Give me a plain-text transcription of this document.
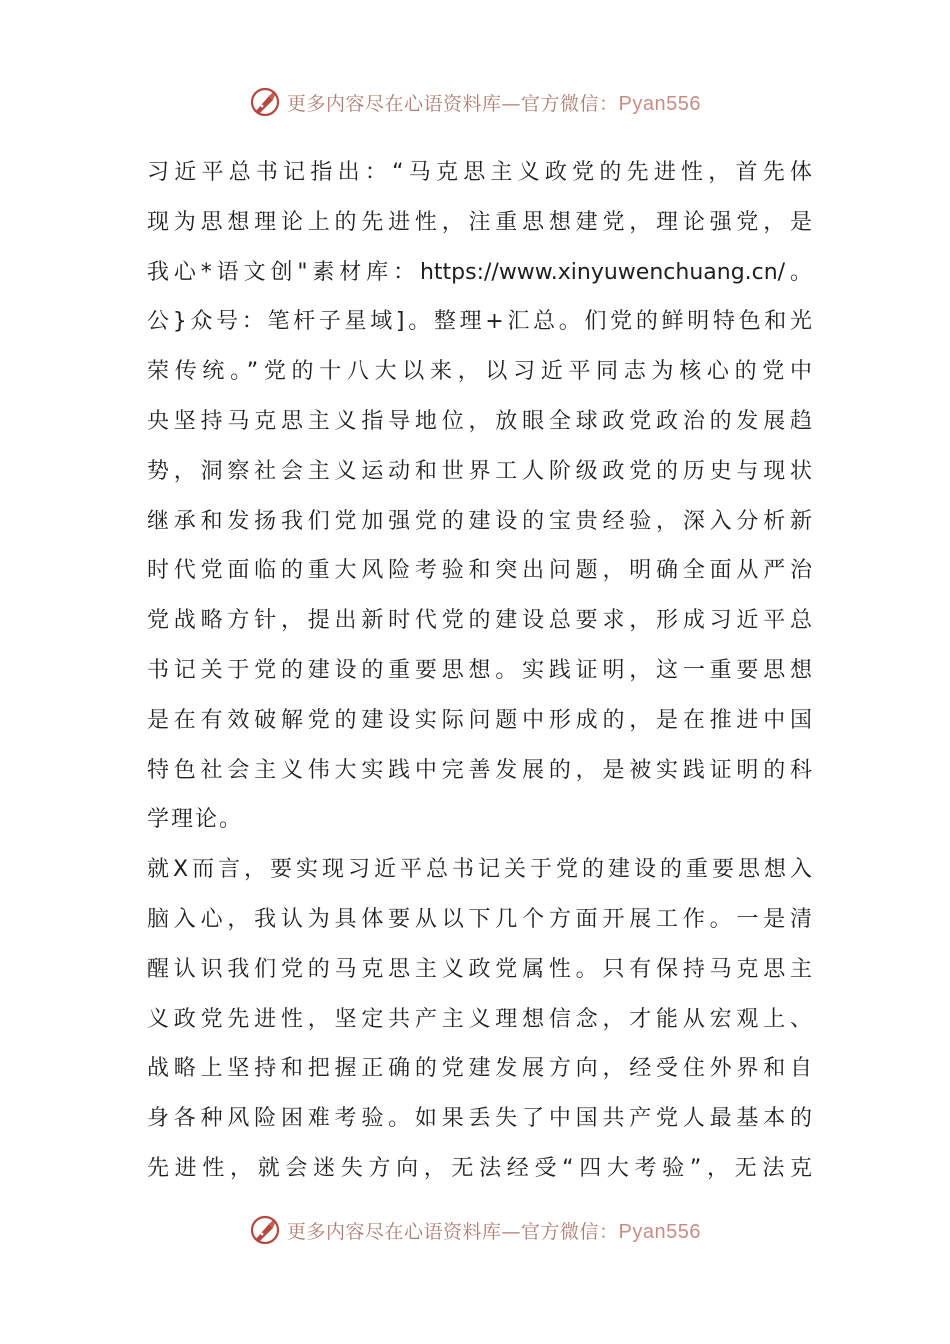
更多内容尽在心语资料库—官方微信：Pyan556
习近平总书记指出：“马克思主义政党的先进性，首先体
现为思想理论上的先进性，注重思想建党，理论强党，是
我心*语文创"素材库：https://www.xinyuwenchuang.cn/。
公}众号：笔杆子星域]。整理+汇总。们党的鲜明特色和光
荣传统。”党的十八大以来，以习近平同志为核心的党中
央坚持马克思主义指导地位，放眼全球政党政治的发展趋
势，洞察社会主义运动和世界工人阶级政党的历史与现状
继承和发扬我们党加强党的建设的宝贵经验，深入分析新
时代党面临的重大风险考验和突出问题，明确全面从严治
党战略方针，提出新时代党的建设总要求，形成习近平总
书记关于党的建设的重要思想。实践证明，这一重要思想
是在有效破解党的建设实际问题中形成的，是在推进中国
特色社会主义伟大实践中完善发展的，是被实践证明的科
学理论。
就X而言，要实现习近平总书记关于党的建设的重要思想入
脑入心，我认为具体要从以下几个方面开展工作。一是清
醒认识我们党的马克思主义政党属性。只有保持马克思主
义政党先进性，坚定共产主义理想信念，才能从宏观上、
战略上坚持和把握正确的党建发展方向，经受住外界和自
身各种风险困难考验。如果丢失了中国共产党人最基本的
先进性，就会迷失方向，无法经受“四大考验”，无法克
更多内容尽在心语资料库—官方微信：Pyan556
